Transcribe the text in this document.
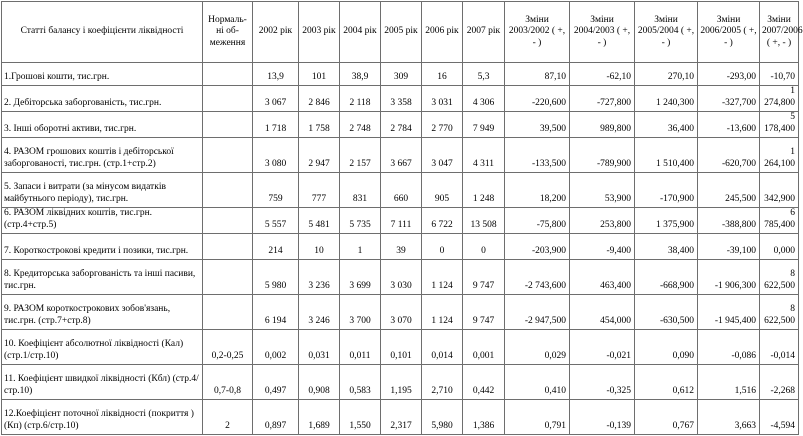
Статті балансу і коефіцієнти ліквідності	Нормаль-ні об-меження	2002 рік	2003 рік	2004 рік	2005 рік	2006 рік	2007 рік	Зміни 2003/2002 ( +, - )	Зміни 2004/2003 ( +, - )	Зміни 2005/2004 ( +, - )	Зміни 2006/2005 ( +, - )	Зміни 2007/2006 ( +, - )
1.Грошові кошти, тис.грн.		13,9	101	38,9	309	16	5,3	87,10	-62,10	270,10	-293,00	-10,70
2. Дебіторська заборгованість, тис.грн.		3 067	2 846	2 118	3 358	3 031	4 306	-220,600	-727,800	1 240,300	-327,700	1 274,800
3. Інші оборотні активи, тис.грн.		1 718	1 758	2 748	2 784	2 770	7 949	39,500	989,800	36,400	-13,600	5 178,400
4. РАЗОМ грошових коштів і дебіторської заборгованості, тис.грн. (стр.1+стр.2)		3 080	2 947	2 157	3 667	3 047	4 311	-133,500	-789,900	1 510,400	-620,700	1 264,100
5. Запаси і витрати (за мінусом видатків майбутнього періоду), тис.грн.		759	777	831	660	905	1 248	18,200	53,900	-170,900	245,500	342,900
6. РАЗОМ ліквідних коштів, тис.грн. (стр.4+стр.5)		5 557	5 481	5 735	7 111	6 722	13 508	-75,800	253,800	1 375,900	-388,800	6 785,400
7. Короткострокові кредити і позики, тис.грн.		214	10	1	39	0	0	-203,900	-9,400	38,400	-39,100	0,000
8. Кредиторська заборгованість та інші пасиви, тис.грн.		5 980	3 236	3 699	3 030	1 124	9 747	-2 743,600	463,400	-668,900	-1 906,300	8 622,500
9. РАЗОМ короткострокових зобов'язань, тис.грн. (стр.7+стр.8)		6 194	3 246	3 700	3 070	1 124	9 747	-2 947,500	454,000	-630,500	-1 945,400	8 622,500
10. Коефіцієнт абсолютної ліквідності (Кал) (стр.1/стр.10)	0,2-0,25	0,002	0,031	0,011	0,101	0,014	0,001	0,029	-0,021	0,090	-0,086	-0,014
11. Коефіцієнт швидкої ліквідності (Кбл) (стр.4/стр.10)	0,7-0,8	0,497	0,908	0,583	1,195	2,710	0,442	0,410	-0,325	0,612	1,516	-2,268
12.Коефіцієнт поточної ліквідності (покриття ) (Кп) (стр.6/стр.10)	2	0,897	1,689	1,550	2,317	5,980	1,386	0,791	-0,139	0,767	3,663	-4,594
